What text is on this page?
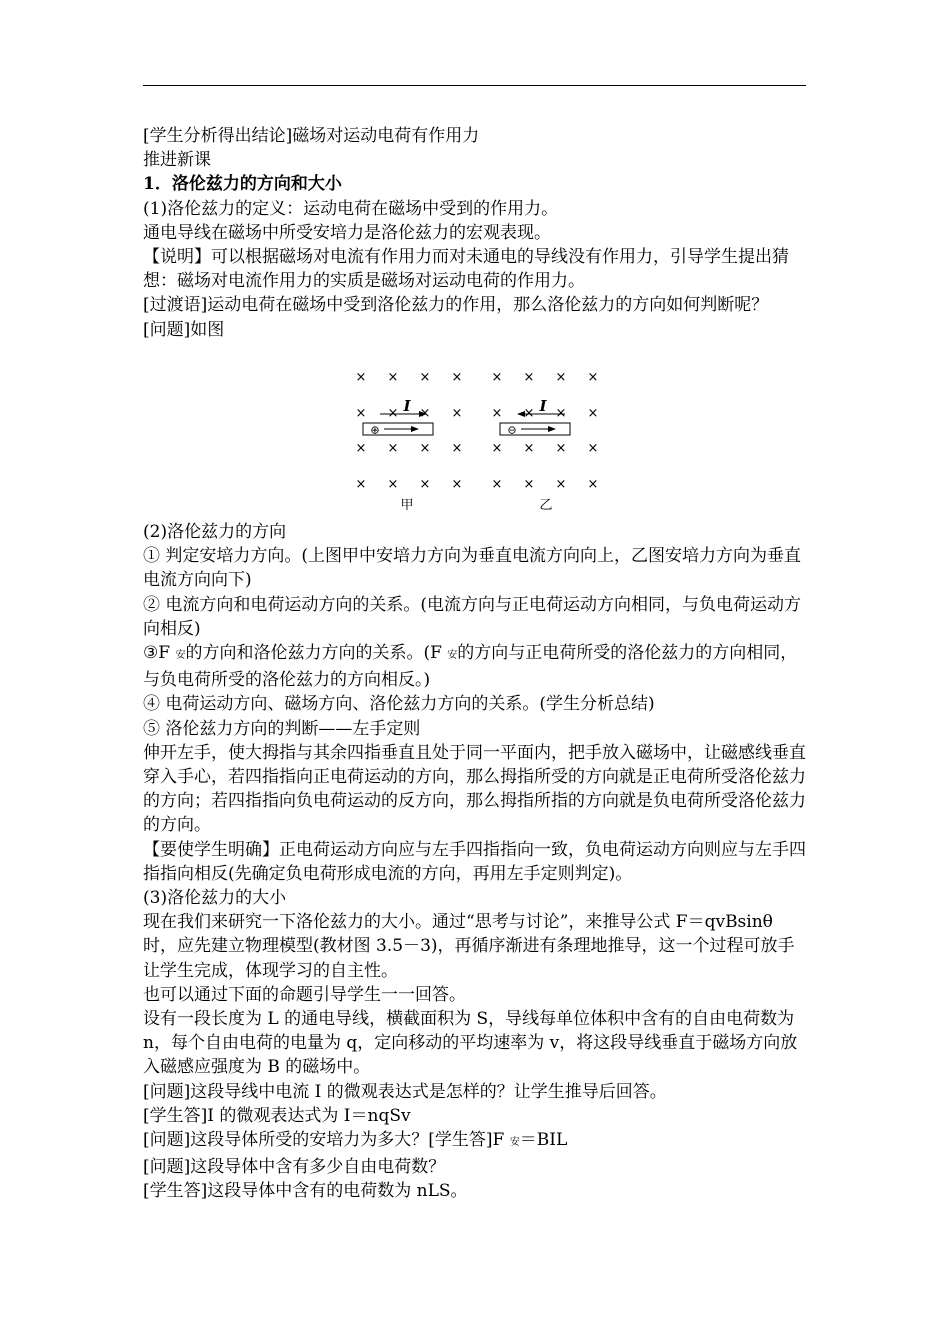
[学生分析得出结论]磁场对运动电荷有作用力

推进新课

1．洛伦兹力的方向和大小

(1)洛伦兹力的定义：运动电荷在磁场中受到的作用力。

通电导线在磁场中所受安培力是洛伦兹力的宏观表现。

【说明】可以根据磁场对电流有作用力而对未通电的导线没有作用力，引导学生提出猜想：磁场对电流作用力的实质是磁场对运动电荷的作用力。

[过渡语]运动电荷在磁场中受到洛伦兹力的作用，那么洛伦兹力的方向如何判断呢？

[问题]如图

× × × ×
× × × ×
× × × ×
× × × ×
× × × ×
× × × ×
× × × ×
× × × ×
⊕
I
⊖
I
甲	乙

(2)洛伦兹力的方向

① 判定安培力方向。(上图甲中安培力方向为垂直电流方向向上，乙图安培力方向为垂直电流方向向下)

② 电流方向和电荷运动方向的关系。(电流方向与正电荷运动方向相同，与负电荷运动方向相反)

③F 安的方向和洛伦兹力方向的关系。(F 安的方向与正电荷所受的洛伦兹力的方向相同，与负电荷所受的洛伦兹力的方向相反。)

④ 电荷运动方向、磁场方向、洛伦兹力方向的关系。(学生分析总结)

⑤ 洛伦兹力方向的判断——左手定则

伸开左手，使大拇指与其余四指垂直且处于同一平面内，把手放入磁场中，让磁感线垂直穿入手心，若四指指向正电荷运动的方向，那么拇指所受的方向就是正电荷所受洛伦兹力的方向；若四指指向负电荷运动的反方向，那么拇指所指的方向就是负电荷所受洛伦兹力的方向。

【要使学生明确】正电荷运动方向应与左手四指指向一致，负电荷运动方向则应与左手四指指向相反(先确定负电荷形成电流的方向，再用左手定则判定)。

(3)洛伦兹力的大小

现在我们来研究一下洛伦兹力的大小。通过“思考与讨论”，来推导公式 F＝qvBsinθ 时，应先建立物理模型(教材图 3.5－3)，再循序渐进有条理地推导，这一个过程可放手让学生完成，体现学习的自主性。

也可以通过下面的命题引导学生一一回答。

设有一段长度为 L 的通电导线，横截面积为 S，导线每单位体积中含有的自由电荷数为 n，每个自由电荷的电量为 q，定向移动的平均速率为 v，将这段导线垂直于磁场方向放入磁感应强度为 B 的磁场中。

[问题]这段导线中电流 I 的微观表达式是怎样的？让学生推导后回答。

[学生答]I 的微观表达式为 I＝nqSv

[问题]这段导体所受的安培力为多大？[学生答]F 安＝BIL

[问题]这段导体中含有多少自由电荷数？

[学生答]这段导体中含有的电荷数为 nLS。
